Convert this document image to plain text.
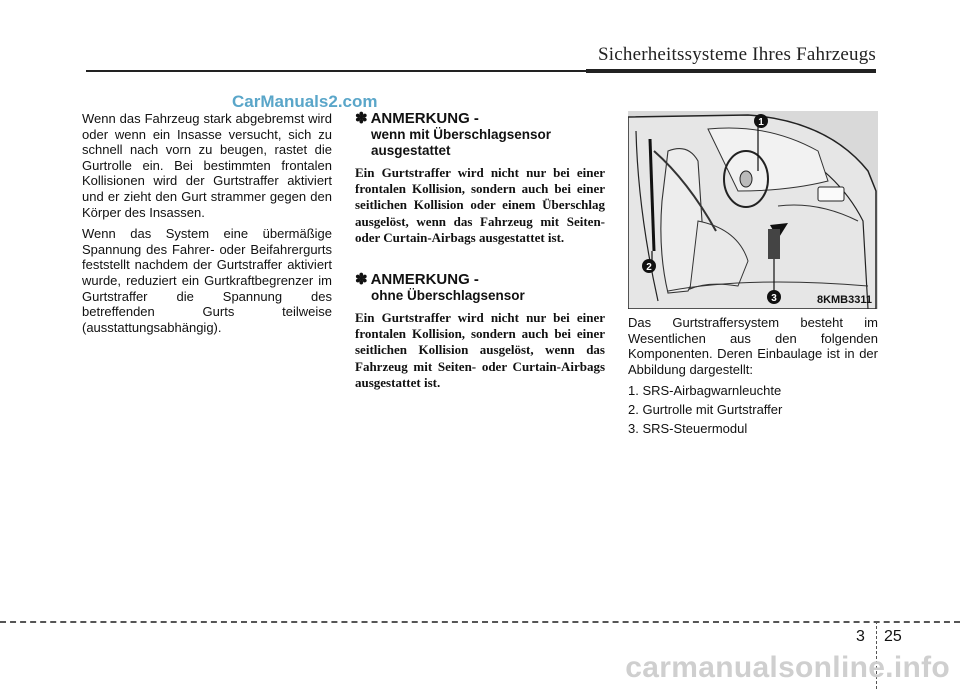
Sicherheitssysteme Ihres Fahrzeugs
CarManuals2.com

Wenn das Fahrzeug stark abgebremst wird oder wenn ein Insasse versucht, sich zu schnell nach vorn zu beugen, rastet die Gurtrolle ein. Bei bestimmten frontalen Kollisionen wird der Gurtstraffer aktiviert und er zieht den Gurt strammer gegen den Körper des Insassen.

Wenn das System eine übermäßige Spannung des Fahrer- oder Beifahrergurts feststellt nachdem der Gurtstraffer aktiviert wurde, reduziert ein Gurtkraftbegrenzer im Gurtstraffer die Spannung des betreffenden Gurts teilweise (ausstattungsabhängig).

✽ ANMERKUNG -

wenn mit Überschlagsensor ausgestattet

Ein Gurtstraffer wird nicht nur bei einer frontalen Kollision, sondern auch bei einer seitlichen Kollision oder einem Überschlag ausgelöst, wenn das Fahrzeug mit Seiten- oder Curtain-Airbags ausgestattet ist.

✽ ANMERKUNG -

ohne Überschlagsensor

Ein Gurtstraffer wird nicht nur bei einer frontalen Kollision, sondern auch bei einer seitlichen Kollision ausgelöst, wenn das Fahrzeug mit Seiten- oder Curtain-Airbags ausgestattet ist.

1
2
3	8KMB3311

Das Gurtstraffersystem besteht im Wesentlichen aus den folgenden Komponenten. Deren Einbaulage ist in der Abbildung dargestellt:

1. SRS-Airbagwarnleuchte

2. Gurtrolle mit Gurtstraffer

3. SRS-Steuermodul

3 25
carmanualsonline.info
